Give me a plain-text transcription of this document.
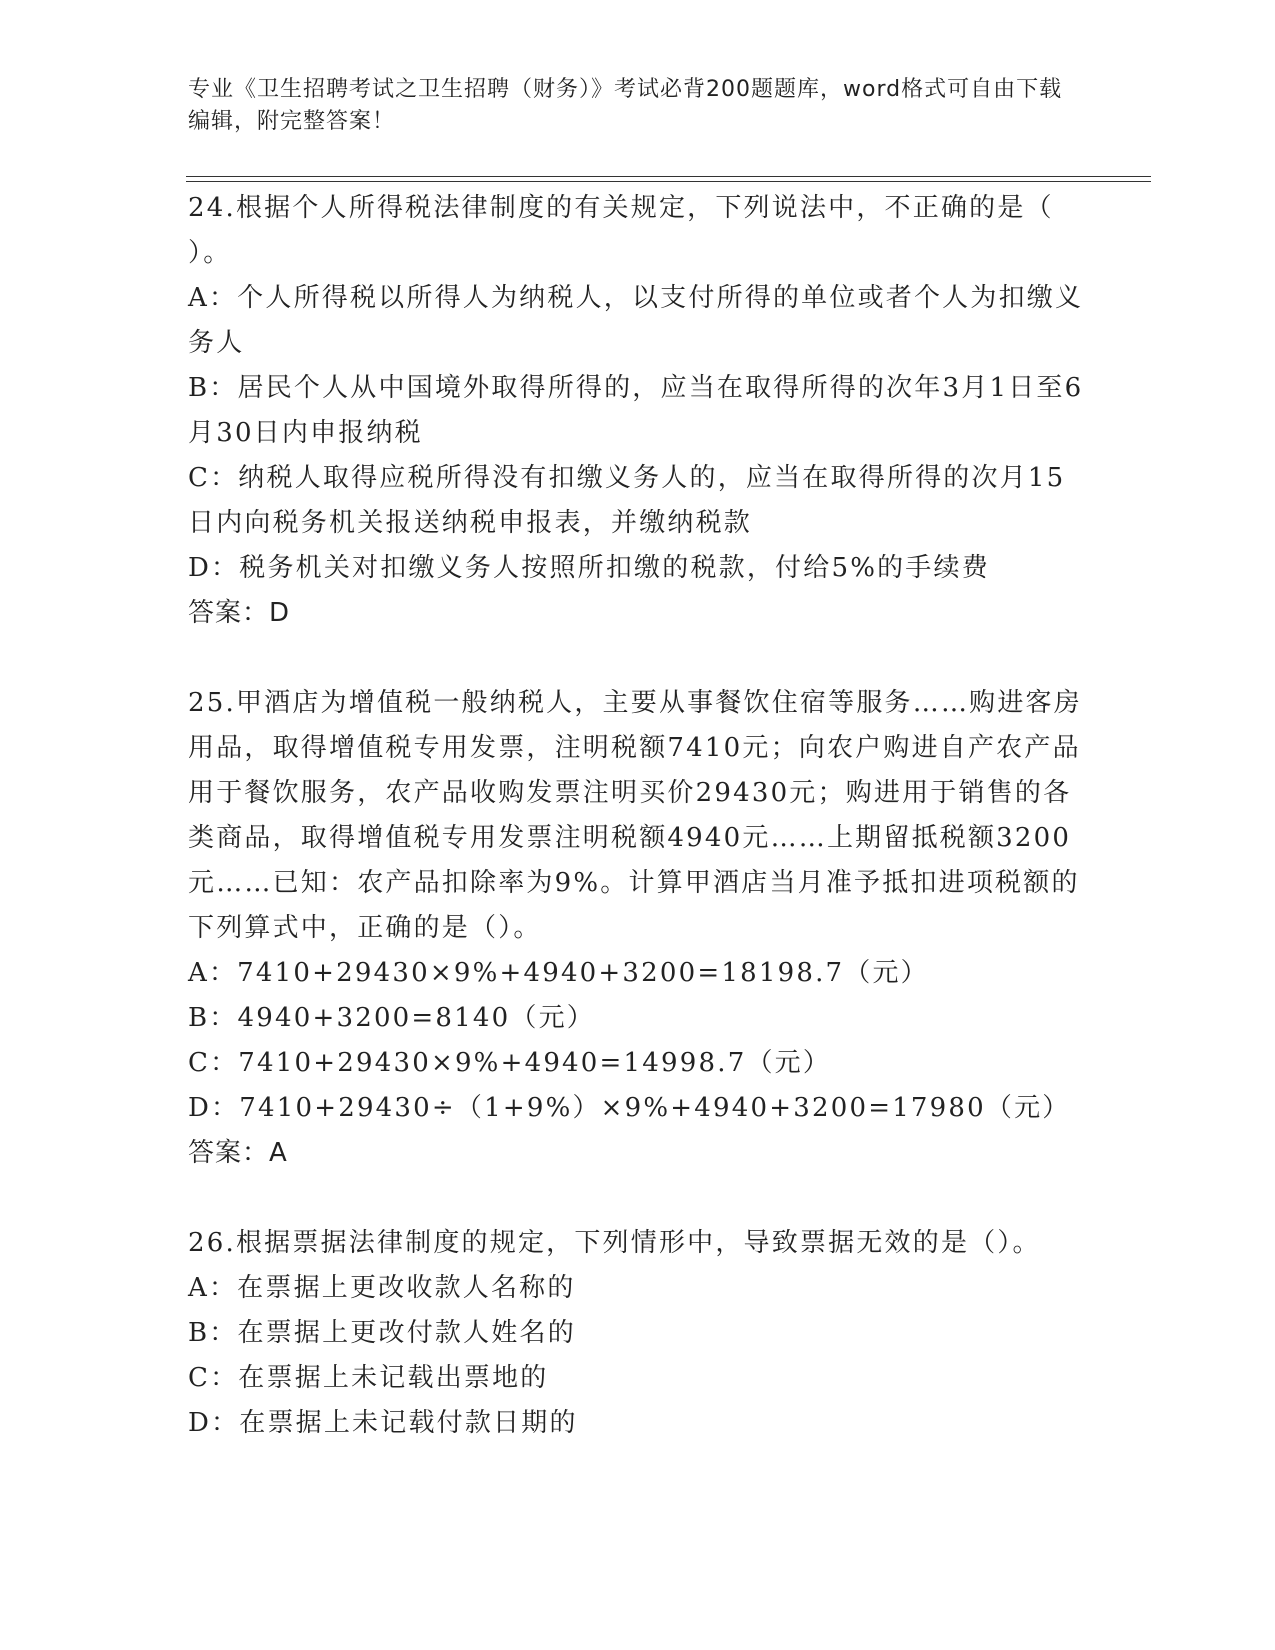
专业《卫生招聘考试之卫生招聘（财务）》考试必背200题题库，word格式可自由下载编辑，附完整答案！

24.根据个人所得税法律制度的有关规定，下列说法中，不正确的是（ ）。

A：个人所得税以所得人为纳税人，以支付所得的单位或者个人为扣缴义务人

B：居民个人从中国境外取得所得的，应当在取得所得的次年3月1日至6月30日内申报纳税

C：纳税人取得应税所得没有扣缴义务人的，应当在取得所得的次月15日内向税务机关报送纳税申报表，并缴纳税款

D：税务机关对扣缴义务人按照所扣缴的税款，付给5%的手续费

答案：D

25.甲酒店为增值税一般纳税人，主要从事餐饮住宿等服务……购进客房用品，取得增值税专用发票，注明税额7410元；向农户购进自产农产品用于餐饮服务，农产品收购发票注明买价29430元；购进用于销售的各类商品，取得增值税专用发票注明税额4940元……上期留抵税额3200元……已知：农产品扣除率为9%。计算甲酒店当月准予抵扣进项税额的下列算式中，正确的是（）。

A：7410+29430×9%+4940+3200=18198.7（元）

B：4940+3200=8140（元）

C：7410+29430×9%+4940=14998.7（元）

D：7410+29430÷（1+9%）×9%+4940+3200=17980（元）

答案：A

26.根据票据法律制度的规定，下列情形中，导致票据无效的是（）。

A：在票据上更改收款人名称的

B：在票据上更改付款人姓名的

C：在票据上未记载出票地的

D：在票据上未记载付款日期的
